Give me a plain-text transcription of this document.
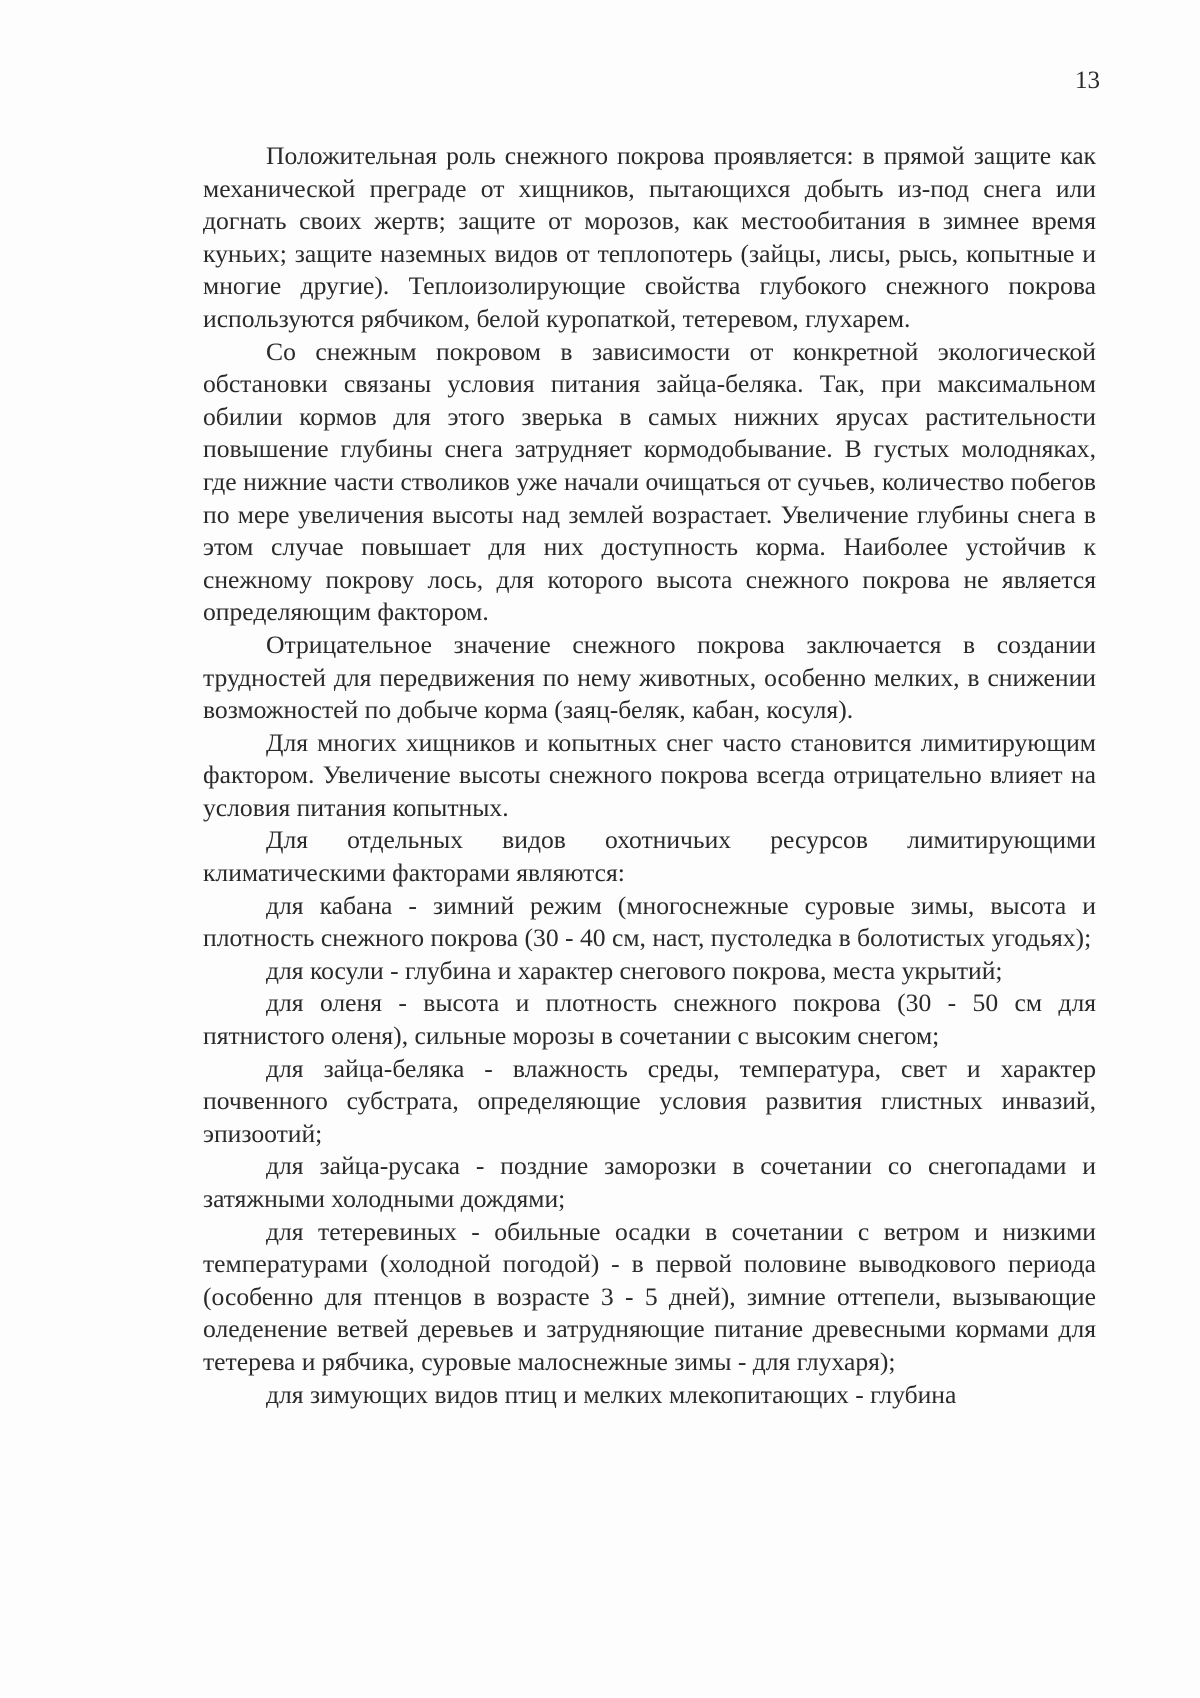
13

Положительная роль снежного покрова проявляется: в прямой защите как механической преграде от хищников, пытающихся добыть из-под снега или догнать своих жертв; защите от морозов, как местообитания в зимнее время куньих; защите наземных видов от теплопотерь (зайцы, лисы, рысь, копытные и многие другие). Теплоизолирующие свойства глубокого снежного покрова используются рябчиком, белой куропаткой, тетеревом, глухарем.

Со снежным покровом в зависимости от конкретной экологической обстановки связаны условия питания зайца-беляка. Так, при максимальном обилии кормов для этого зверька в самых нижних ярусах растительности повышение глубины снега затрудняет кормодобывание. В густых молодняках, где нижние части стволиков уже начали очищаться от сучьев, количество побегов по мере увеличения высоты над землей возрастает. Увеличение глубины снега в этом случае повышает для них доступность корма. Наиболее устойчив к снежному покрову лось, для которого высота снежного покрова не является определяющим фактором.

Отрицательное значение снежного покрова заключается в создании трудностей для передвижения по нему животных, особенно мелких, в снижении возможностей по добыче корма (заяц-беляк, кабан, косуля).

Для многих хищников и копытных снег часто становится лимитирующим фактором. Увеличение высоты снежного покрова всегда отрицательно влияет на условия питания копытных.

Для отдельных видов охотничьих ресурсов лимитирующими климатическими факторами являются:

для кабана - зимний режим (многоснежные суровые зимы, высота и плотность снежного покрова (30 - 40 см, наст, пустоледка в болотистых угодьях);

для косули - глубина и характер снегового покрова, места укрытий;

для оленя - высота и плотность снежного покрова (30 - 50 см для пятнистого оленя), сильные морозы в сочетании с высоким снегом;

для зайца-беляка - влажность среды, температура, свет и характер почвенного субстрата, определяющие условия развития глистных инвазий, эпизоотий;

для зайца-русака - поздние заморозки в сочетании со снегопадами и затяжными холодными дождями;

для тетеревиных - обильные осадки в сочетании с ветром и низкими температурами (холодной погодой) - в первой половине выводкового периода (особенно для птенцов в возрасте 3 - 5 дней), зимние оттепели, вызывающие оледенение ветвей деревьев и затрудняющие питание древесными кормами для тетерева и рябчика, суровые малоснежные зимы - для глухаря);

для зимующих видов птиц и мелких млекопитающих - глубина
